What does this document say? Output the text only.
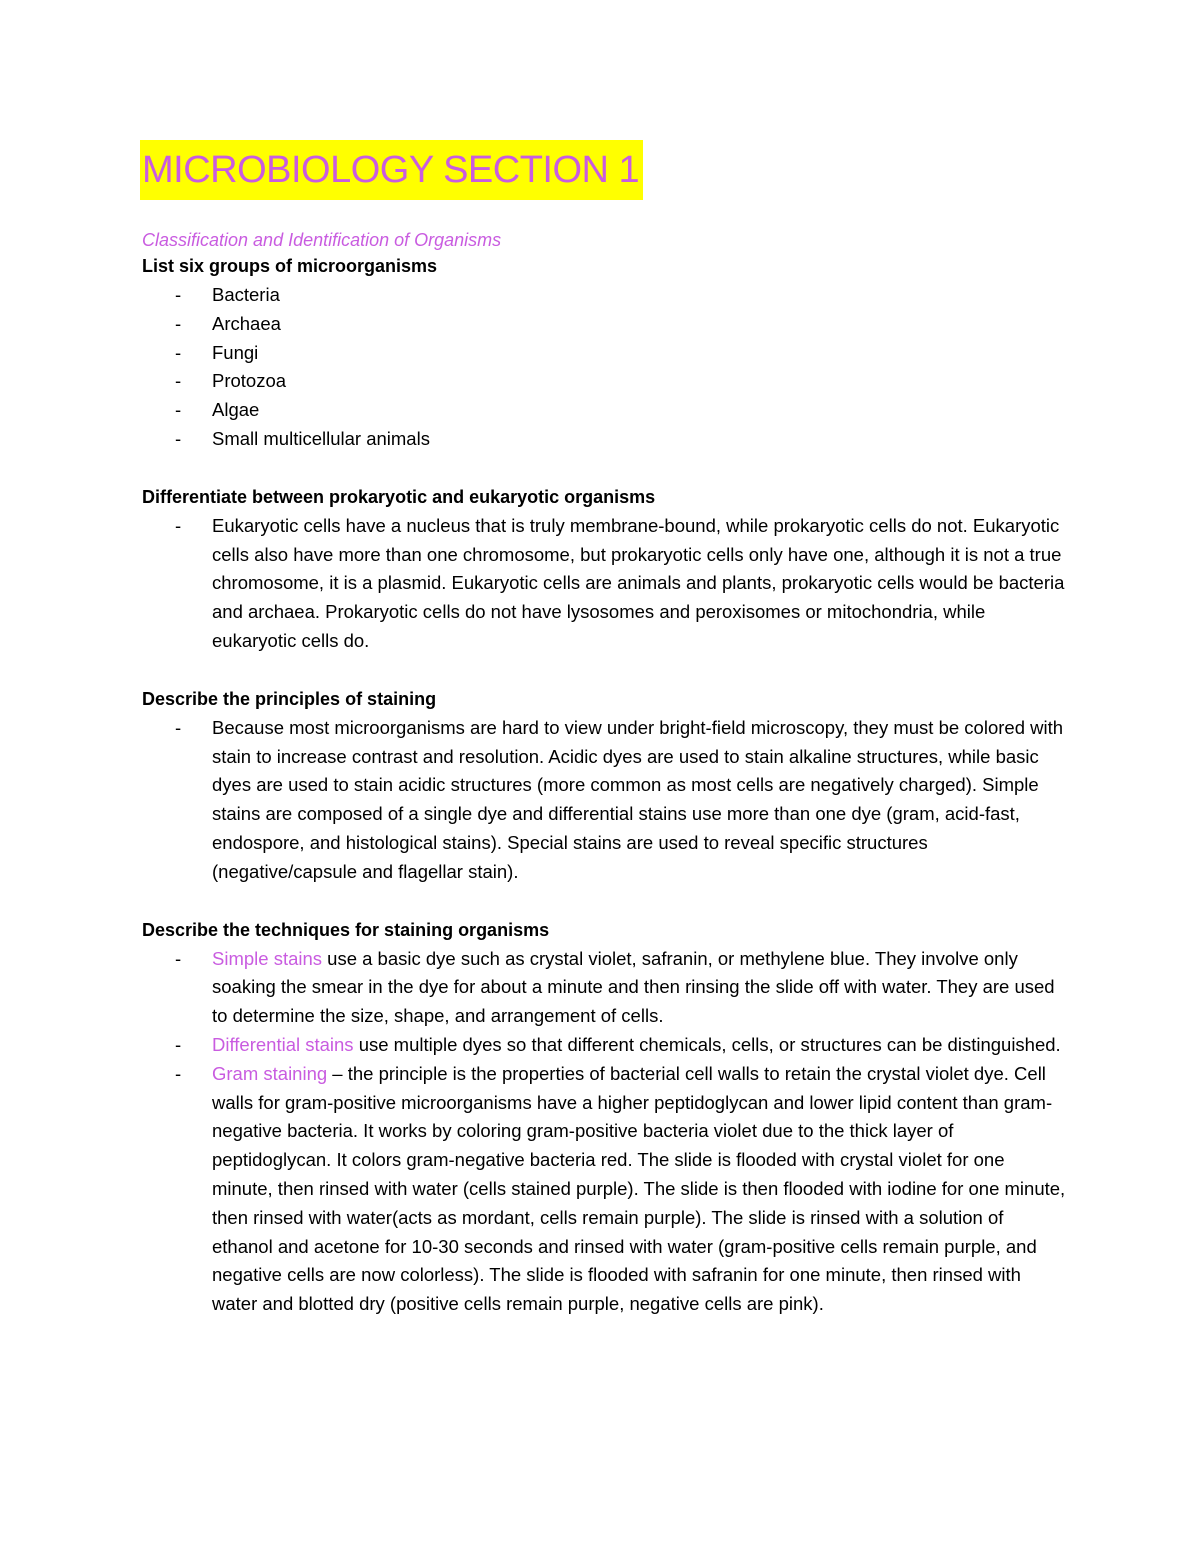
MICROBIOLOGY SECTION 1
Classification and Identification of Organisms
List six groups of microorganisms
- Bacteria
- Archaea
- Fungi
- Protozoa
- Algae
- Small multicellular animals
Differentiate between prokaryotic and eukaryotic organisms
- Eukaryotic cells have a nucleus that is truly membrane-bound, while prokaryotic cells do not. Eukaryotic cells also have more than one chromosome, but prokaryotic cells only have one, although it is not a true chromosome, it is a plasmid. Eukaryotic cells are animals and plants, prokaryotic cells would be bacteria and archaea. Prokaryotic cells do not have lysosomes and peroxisomes or mitochondria, while eukaryotic cells do.
Describe the principles of staining
- Because most microorganisms are hard to view under bright-field microscopy, they must be colored with stain to increase contrast and resolution. Acidic dyes are used to stain alkaline structures, while basic dyes are used to stain acidic structures (more common as most cells are negatively charged). Simple stains are composed of a single dye and differential stains use more than one dye (gram, acid-fast, endospore, and histological stains). Special stains are used to reveal specific structures (negative/capsule and flagellar stain).
Describe the techniques for staining organisms
- Simple stains use a basic dye such as crystal violet, safranin, or methylene blue. They involve only soaking the smear in the dye for about a minute and then rinsing the slide off with water. They are used to determine the size, shape, and arrangement of cells.
- Differential stains use multiple dyes so that different chemicals, cells, or structures can be distinguished.
- Gram staining – the principle is the properties of bacterial cell walls to retain the crystal violet dye. Cell walls for gram-positive microorganisms have a higher peptidoglycan and lower lipid content than gram-negative bacteria. It works by coloring gram-positive bacteria violet due to the thick layer of peptidoglycan. It colors gram-negative bacteria red. The slide is flooded with crystal violet for one minute, then rinsed with water (cells stained purple). The slide is then flooded with iodine for one minute, then rinsed with water(acts as mordant, cells remain purple). The slide is rinsed with a solution of ethanol and acetone for 10-30 seconds and rinsed with water (gram-positive cells remain purple, and negative cells are now colorless). The slide is flooded with safranin for one minute, then rinsed with water and blotted dry (positive cells remain purple, negative cells are pink).
